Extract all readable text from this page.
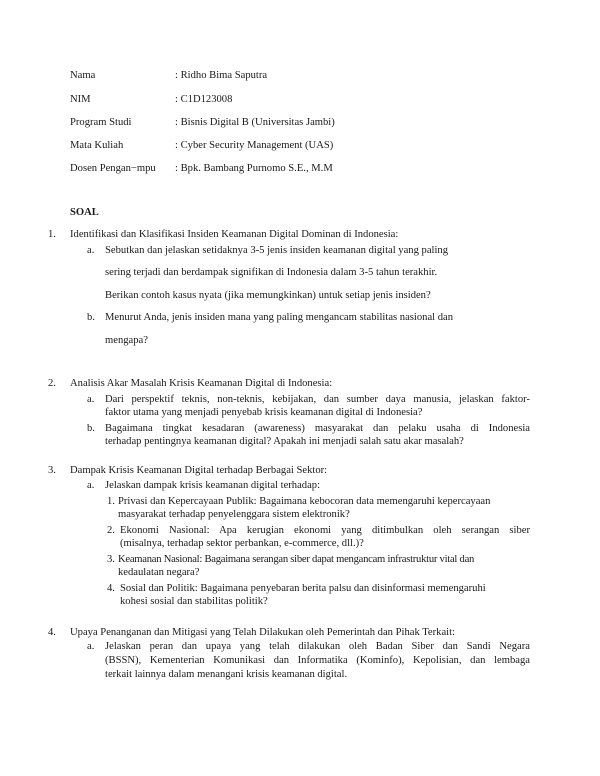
Nama	: Ridho Bima Saputra
NIM	: C1D123008
Program Studi	: Bisnis Digital B (Universitas Jambi)
Mata Kuliah	: Cyber Security Management (UAS)
Dosen Pengan−mpu : Bpk. Bambang Purnomo S.E., M.M
SOAL
1. Identifikasi dan Klasifikasi Insiden Keamanan Digital Dominan di Indonesia:
a. Sebutkan dan jelaskan setidaknya 3-5 jenis insiden keamanan digital yang paling
sering terjadi dan berdampak signifikan di Indonesia dalam 3-5 tahun terakhir.
Berikan contoh kasus nyata (jika memungkinkan) untuk setiap jenis insiden?
b. Menurut Anda, jenis insiden mana yang paling mengancam stabilitas nasional dan
mengapa?
2. Analisis Akar Masalah Krisis Keamanan Digital di Indonesia:
a. Dari perspektif teknis, non-teknis, kebijakan, dan sumber daya manusia, jelaskan faktor-
faktor utama yang menjadi penyebab krisis keamanan digital di Indonesia?
b. Bagaimana tingkat kesadaran (awareness) masyarakat dan pelaku usaha di Indonesia
terhadap pentingnya keamanan digital? Apakah ini menjadi salah satu akar masalah?
3. Dampak Krisis Keamanan Digital terhadap Berbagai Sektor:
a. Jelaskan dampak krisis keamanan digital terhadap:
1. Privasi dan Kepercayaan Publik: Bagaimana kebocoran data memengaruhi kepercayaan
masyarakat terhadap penyelenggara sistem elektronik?
2. Ekonomi Nasional: Apa kerugian ekonomi yang ditimbulkan oleh serangan siber
(misalnya, terhadap sektor perbankan, e-commerce, dll.)?
3. Keamanan Nasional: Bagaimana serangan siber dapat mengancam infrastruktur vital dan
kedaulatan negara?
4. Sosial dan Politik: Bagaimana penyebaran berita palsu dan disinformasi memengaruhi
kohesi sosial dan stabilitas politik?
4. Upaya Penanganan dan Mitigasi yang Telah Dilakukan oleh Pemerintah dan Pihak Terkait:
a. Jelaskan peran dan upaya yang telah dilakukan oleh Badan Siber dan Sandi Negara
(BSSN), Kementerian Komunikasi dan Informatika (Kominfo), Kepolisian, dan lembaga
terkait lainnya dalam menangani krisis keamanan digital.
